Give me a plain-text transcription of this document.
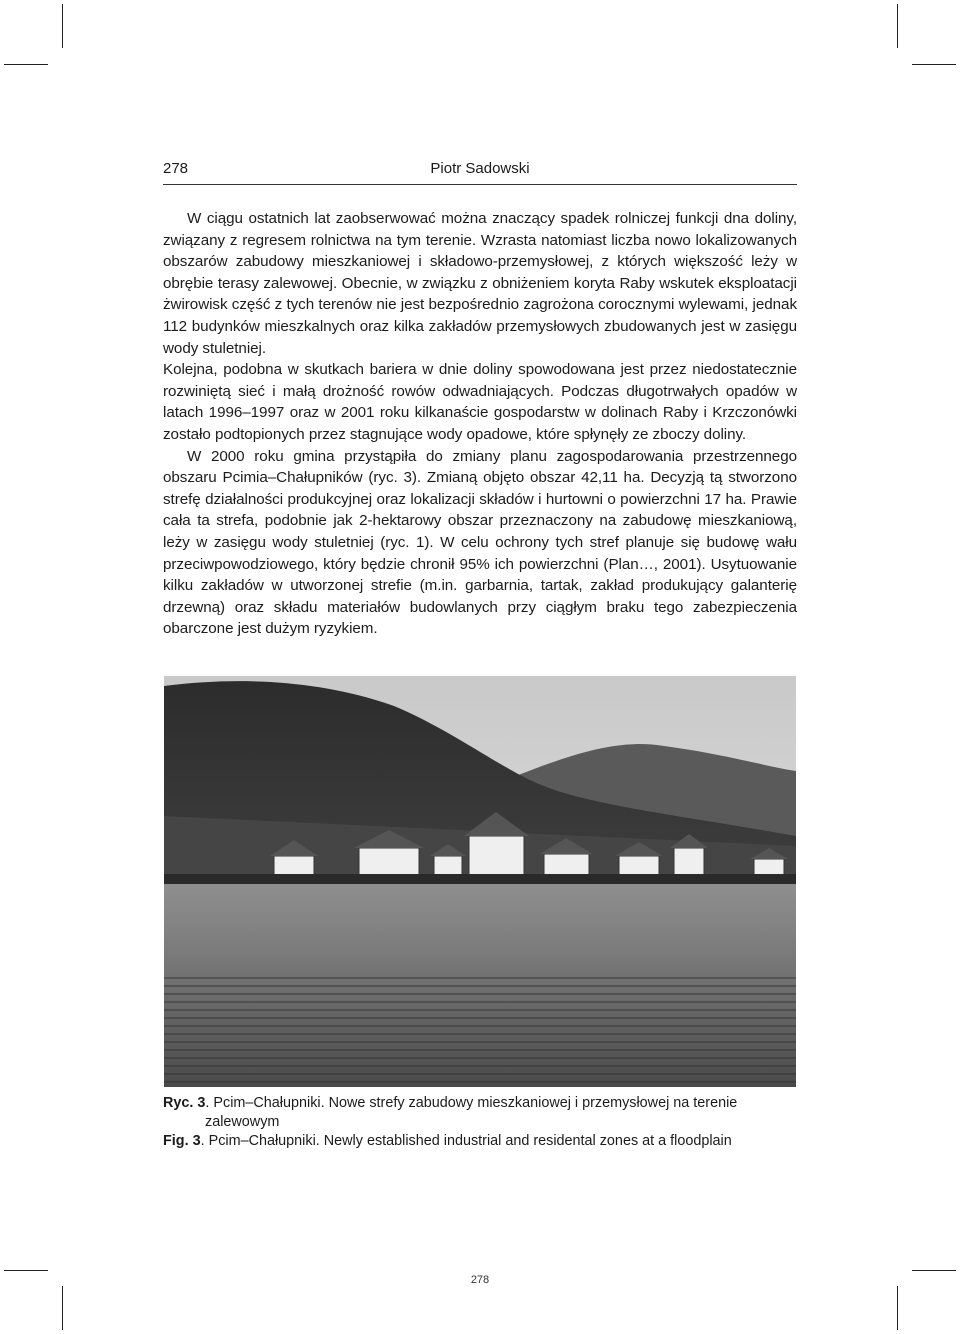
278	Piotr Sadowski

W ciągu ostatnich lat zaobserwować można znaczący spadek rolniczej funkcji dna doliny, związany z regresem rolnictwa na tym terenie. Wzrasta natomiast liczba nowo lokalizowanych obszarów zabudowy mieszkaniowej i składowo-przemysłowej, z których większość leży w obrębie terasy zalewowej. Obecnie, w związku z obniżeniem koryta Raby wskutek eksploatacji żwirowisk część z tych terenów nie jest bezpośrednio zagrożona corocznymi wylewami, jednak 112 budynków mieszkalnych oraz kilka zakładów przemysłowych zbudowanych jest w zasięgu wody stuletniej.

Kolejna, podobna w skutkach bariera w dnie doliny spowodowana jest przez niedostatecznie rozwiniętą sieć i małą drożność rowów odwadniających. Podczas długotrwałych opadów w latach 1996–1997 oraz w 2001 roku kilkanaście gospodarstw w dolinach Raby i Krzczonówki zostało podtopionych przez stagnujące wody opadowe, które spłynęły ze zboczy doliny.

W 2000 roku gmina przystąpiła do zmiany planu zagospodarowania przestrzennego obszaru Pcimia–Chałupników (ryc. 3). Zmianą objęto obszar 42,11 ha. Decyzją tą stworzono strefę działalności produkcyjnej oraz lokalizacji składów i hurtowni o powierzchni 17 ha. Prawie cała ta strefa, podobnie jak 2-hektarowy obszar przeznaczony na zabudowę mieszkaniową, leży w zasięgu wody stuletniej (ryc. 1). W celu ochrony tych stref planuje się budowę wału przeciwpowodziowego, który będzie chronił 95% ich powierzchni (Plan…, 2001). Usytuowanie kilku zakładów w utworzonej strefie (m.in. garbarnia, tartak, zakład produkujący galanterię drzewną) oraz składu materiałów budowlanych przy ciągłym braku tego zabezpieczenia obarczone jest dużym ryzykiem.

Ryc. 3. Pcim–Chałupniki. Nowe strefy zabudowy mieszkaniowej i przemysłowej na terenie zalewowym

Fig. 3. Pcim–Chałupniki. Newly established industrial and residental zones at a floodplain

278
